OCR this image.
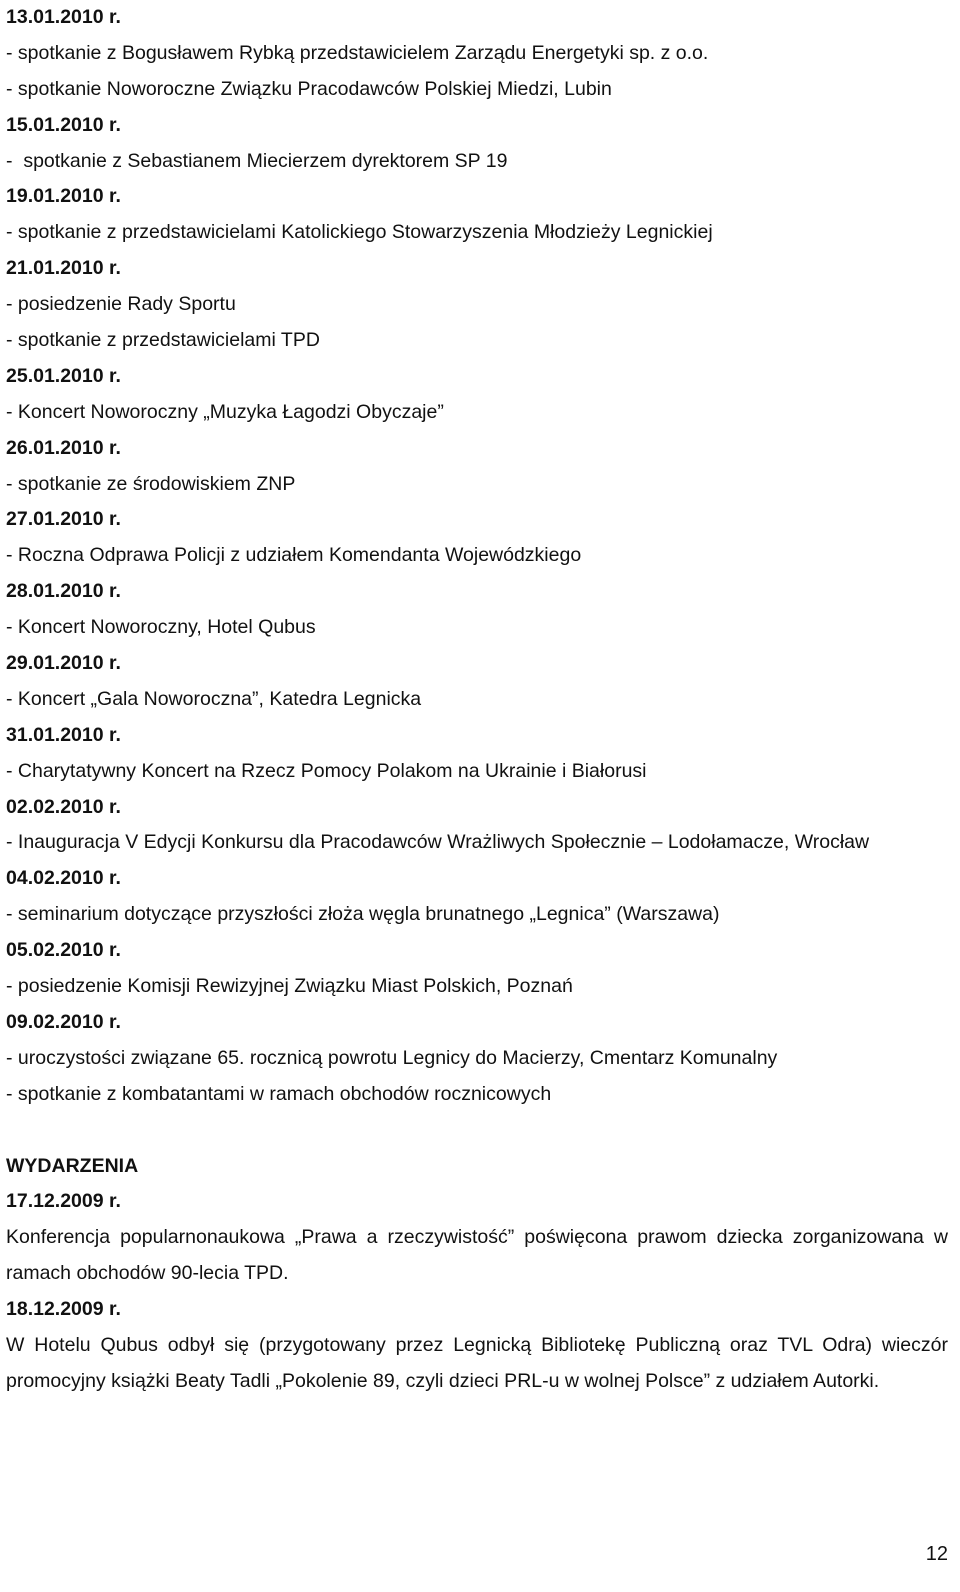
13.01.2010 r.
- spotkanie z Bogusławem Rybką przedstawicielem Zarządu Energetyki sp. z o.o.
- spotkanie Noworoczne Związku Pracodawców Polskiej Miedzi, Lubin
15.01.2010 r.
-  spotkanie z Sebastianem Miecierzem dyrektorem SP 19
19.01.2010 r.
- spotkanie z przedstawicielami Katolickiego Stowarzyszenia Młodzieży Legnickiej
21.01.2010 r.
- posiedzenie Rady Sportu
- spotkanie z przedstawicielami TPD
25.01.2010 r.
- Koncert Noworoczny „Muzyka Łagodzi Obyczaje”
26.01.2010 r.
- spotkanie ze środowiskiem ZNP
27.01.2010 r.
- Roczna Odprawa Policji z udziałem Komendanta Wojewódzkiego
28.01.2010 r.
- Koncert Noworoczny, Hotel Qubus
29.01.2010 r.
- Koncert „Gala Noworoczna”, Katedra Legnicka
31.01.2010 r.
- Charytatywny Koncert na Rzecz Pomocy Polakom na Ukrainie i Białorusi
02.02.2010 r.
- Inauguracja V Edycji Konkursu dla Pracodawców Wrażliwych Społecznie – Lodołamacze, Wrocław
04.02.2010 r.
- seminarium dotyczące przyszłości złoża węgla brunatnego „Legnica” (Warszawa)
05.02.2010 r.
- posiedzenie Komisji Rewizyjnej Związku Miast Polskich, Poznań
09.02.2010 r.
- uroczystości związane 65. rocznicą powrotu Legnicy do Macierzy, Cmentarz Komunalny
- spotkanie z kombatantami w ramach obchodów rocznicowych
WYDARZENIA
17.12.2009 r.
Konferencja popularnonaukowa „Prawa a rzeczywistość” poświęcona prawom dziecka zorganizowana w ramach obchodów 90-lecia TPD.
18.12.2009 r.
W Hotelu Qubus odbył się (przygotowany przez Legnicką Bibliotekę Publiczną oraz TVL Odra) wieczór promocyjny książki Beaty Tadli „Pokolenie 89, czyli dzieci PRL-u w wolnej Polsce” z udziałem Autorki.
12
